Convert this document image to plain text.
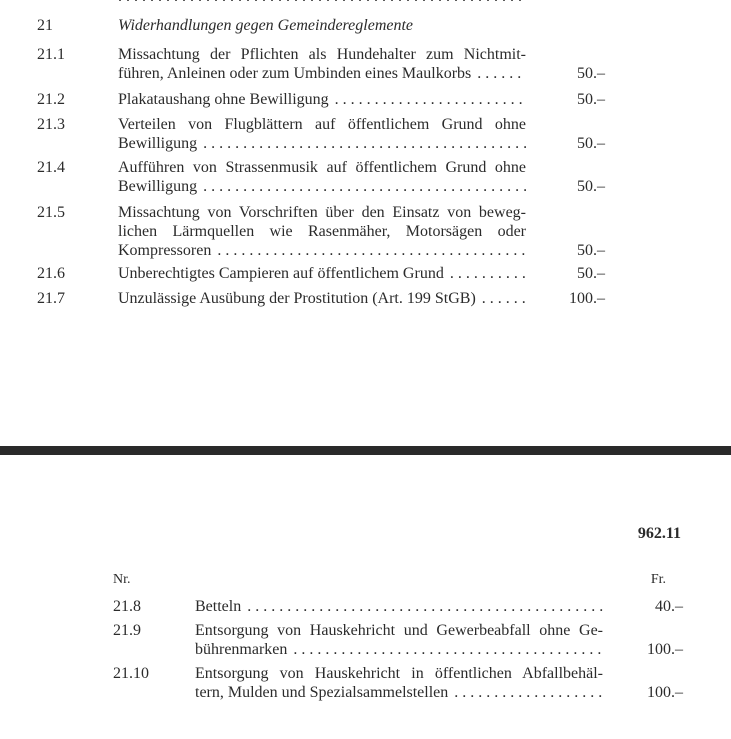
. . .
21	Widerhandlungen gegen Gemeindereglemente
21.1	Missachtung der Pflichten als Hundehalter zum Nichtmit-
führen, Anleinen oder zum Umbinden eines Maulkorbs . . .	50.–
21.2	Plakataushang ohne Bewilligung . . .	50.–
21.3	Verteilen von Flugblättern auf öffentlichem Grund ohne
Bewilligung . . .	50.–
21.4	Aufführen von Strassenmusik auf öffentlichem Grund ohne
Bewilligung . . .	50.–
21.5	Missachtung von Vorschriften über den Einsatz von beweg-
lichen Lärmquellen wie Rasenmäher, Motorsägen oder
Kompressoren . . .	50.–
21.6	Unberechtigtes Campieren auf öffentlichem Grund . . .	50.–
21.7	Unzulässige Ausübung der Prostitution (Art. 199 StGB) . . .	100.–
962.11
Nr.	Fr.
21.8	Betteln . . .	40.–
21.9	Entsorgung von Hauskehricht und Gewerbeabfall ohne Ge-
bührenmarken . . .	100.–
21.10	Entsorgung von Hauskehricht in öffentlichen Abfallbehäl-
tern, Mulden und Spezialsammelstellen . . .	100.–
